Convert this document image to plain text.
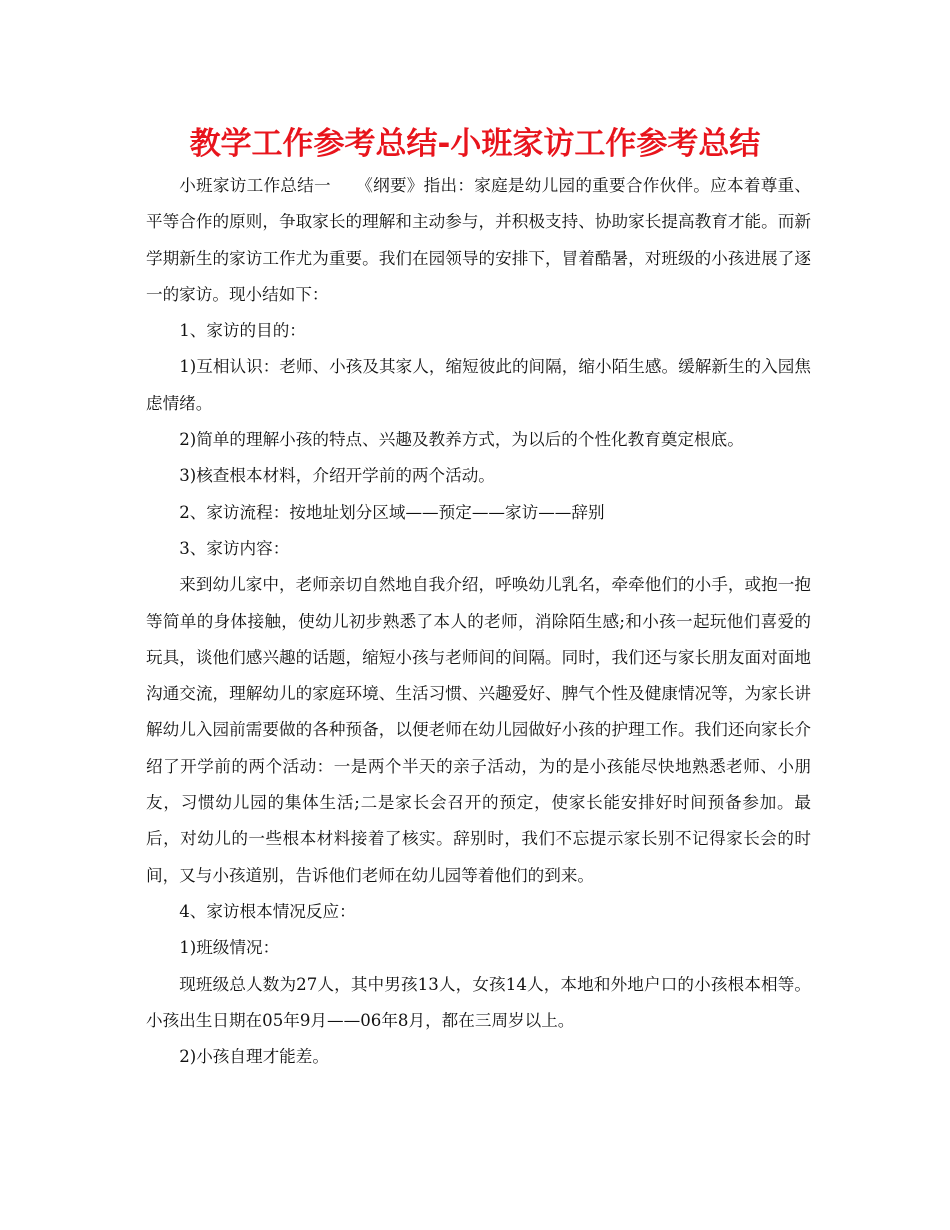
教学工作参考总结-小班家访工作参考总结

小班家访工作总结一　　《纲要》指出：家庭是幼儿园的重要合作伙伴。应本着尊重、平等合作的原则，争取家长的理解和主动参与，并积极支持、协助家长提高教育才能。而新学期新生的家访工作尤为重要。我们在园领导的安排下，冒着酷暑，对班级的小孩进展了逐一的家访。现小结如下：

1、家访的目的：

1)互相认识：老师、小孩及其家人，缩短彼此的间隔，缩小陌生感。缓解新生的入园焦虑情绪。

2)简单的理解小孩的特点、兴趣及教养方式，为以后的个性化教育奠定根底。

3)核查根本材料，介绍开学前的两个活动。

2、家访流程：按地址划分区域——预定——家访——辞别

3、家访内容：

来到幼儿家中，老师亲切自然地自我介绍，呼唤幼儿乳名，牵牵他们的小手，或抱一抱等简单的身体接触，使幼儿初步熟悉了本人的老师，消除陌生感;和小孩一起玩他们喜爱的玩具，谈他们感兴趣的话题，缩短小孩与老师间的间隔。同时，我们还与家长朋友面对面地沟通交流，理解幼儿的家庭环境、生活习惯、兴趣爱好、脾气个性及健康情况等，为家长讲解幼儿入园前需要做的各种预备，以便老师在幼儿园做好小孩的护理工作。我们还向家长介绍了开学前的两个活动：一是两个半天的亲子活动，为的是小孩能尽快地熟悉老师、小朋友，习惯幼儿园的集体生活;二是家长会召开的预定，使家长能安排好时间预备参加。最后，对幼儿的一些根本材料接着了核实。辞别时，我们不忘提示家长别不记得家长会的时间，又与小孩道别，告诉他们老师在幼儿园等着他们的到来。

4、家访根本情况反应：

1)班级情况：

现班级总人数为27人，其中男孩13人，女孩14人，本地和外地户口的小孩根本相等。小孩出生日期在05年9月——06年8月，都在三周岁以上。

2)小孩自理才能差。
